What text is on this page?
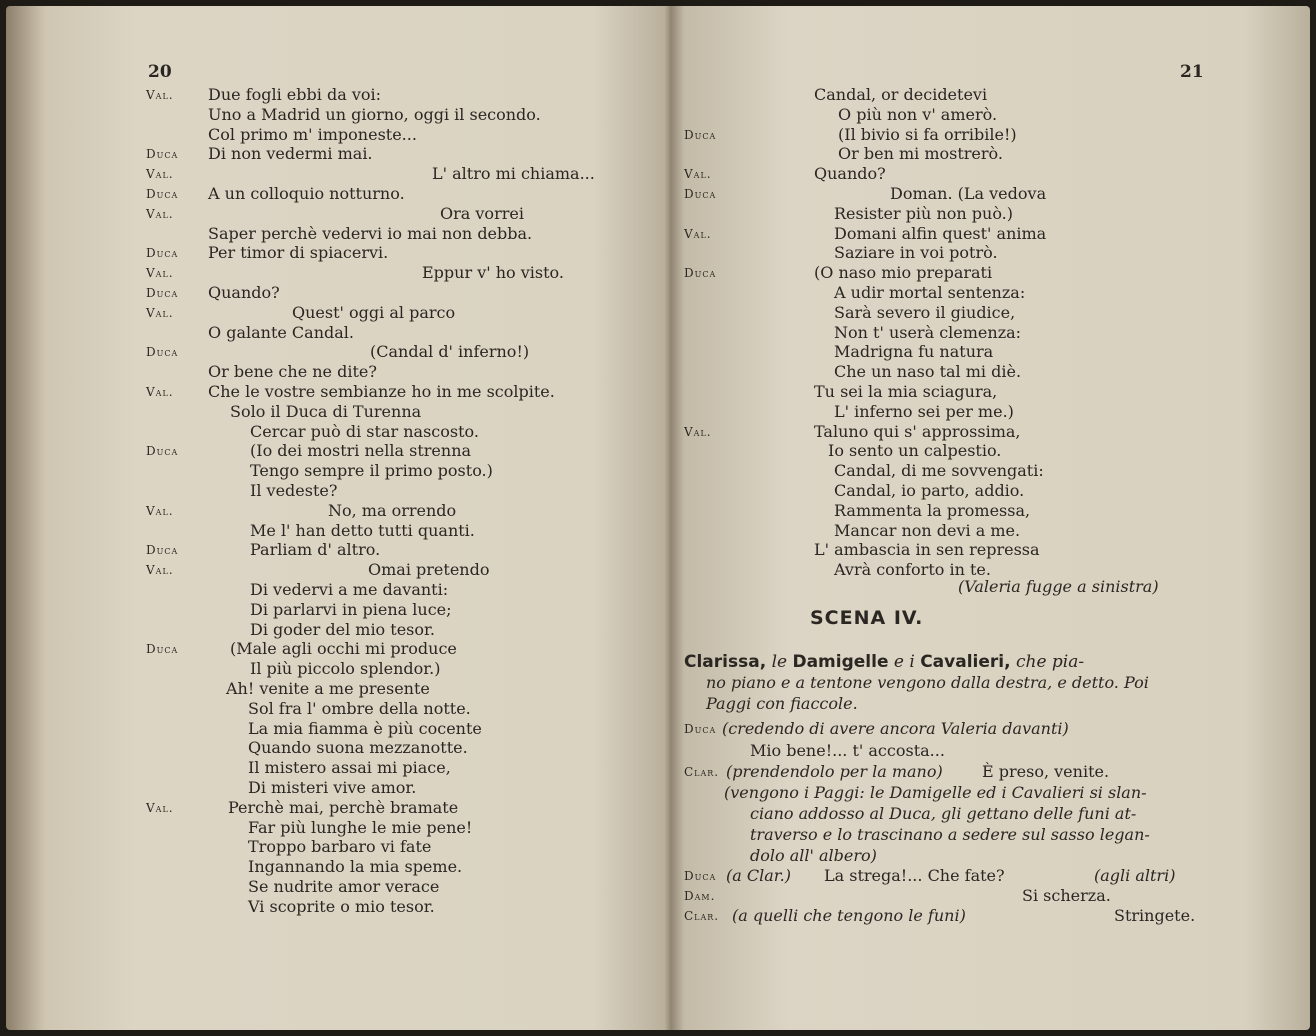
20
Val. Due fogli ebbi da voi:
Uno a Madrid un giorno, oggi il secondo.
Col primo m' imponeste...
Duca Di non vedermi mai.
Val.	L' altro mi chiama...
Duca A un colloquio notturno.
Val.	Ora vorrei
Saper perchè vedervi io mai non debba.
Duca Per timor di spiacervi.
Val.	Eppur v' ho visto.
Duca Quando?
Val.	Quest' oggi al parco
O galante Candal.
Duca	(Candal d' inferno!)
Or bene che ne dite?
Val. Che le vostre sembianze ho in me scolpite.
Solo il Duca di Turenna
Cercar può di star nascosto.
Duca	(Io dei mostri nella strenna
Tengo sempre il primo posto.)
Il vedeste?
Val.	No, ma orrendo
Me l' han detto tutti quanti.
Duca	Parliam d' altro.
Val.	Omai pretendo
Di vedervi a me davanti:
Di parlarvi in piena luce;
Di goder del mio tesor.
Duca	(Male agli occhi mi produce
Il più piccolo splendor.)
Ah! venite a me presente
Sol fra l' ombre della notte.
La mia fiamma è più cocente
Quando suona mezzanotte.
Il mistero assai mi piace,
Di misteri vive amor.
Val.	Perchè mai, perchè bramate
Far più lunghe le mie pene!
Troppo barbaro vi fate
Ingannando la mia speme.
Se nudrite amor verace
Vi scoprite o mio tesor.
21
(Valeria fugge a sinistra)
SCENA IV.
Clarissa, le Damigelle e i Cavalieri, che pia-
no piano e a tentone vengono dalla destra, e detto. Poi
Paggi con fiaccole.
Duca (credendo di avere ancora Valeria davanti)
Mio bene!... t' accosta...
Clar. (prendendolo per la mano) È preso, venite.
(vengono i Paggi: le Damigelle ed i Cavalieri si slan-
ciano addosso al Duca, gli gettano delle funi at-
traverso e lo trascinano a sedere sul sasso legan-
dolo all' albero)
Duca (a Clar.) La strega!... Che fate?	(agli altri)
Dam.	Si scherza.
Clar. (a quelli che tengono le funi)	Stringete.
Candal, or decidetevi
O più non v' amerò.
Duca	(Il bivio si fa orribile!)
Or ben mi mostrerò.
Val.	Quando?
Duca	Doman. (La vedova
Resister più non può.)
Val.	Domani alfin quest' anima
Saziare in voi potrò.
Duca	(O naso mio preparati
A udir mortal sentenza:
Sarà severo il giudice,
Non t' userà clemenza:
Madrigna fu natura
Che un naso tal mi diè.
Tu sei la mia sciagura,
L' inferno sei per me.)
Val.	Taluno qui s' approssima,
Io sento un calpestio.
Candal, di me sovvengati:
Candal, io parto, addio.
Rammenta la promessa,
Mancar non devi a me.
L' ambascia in sen repressa
Avrà conforto in te.
